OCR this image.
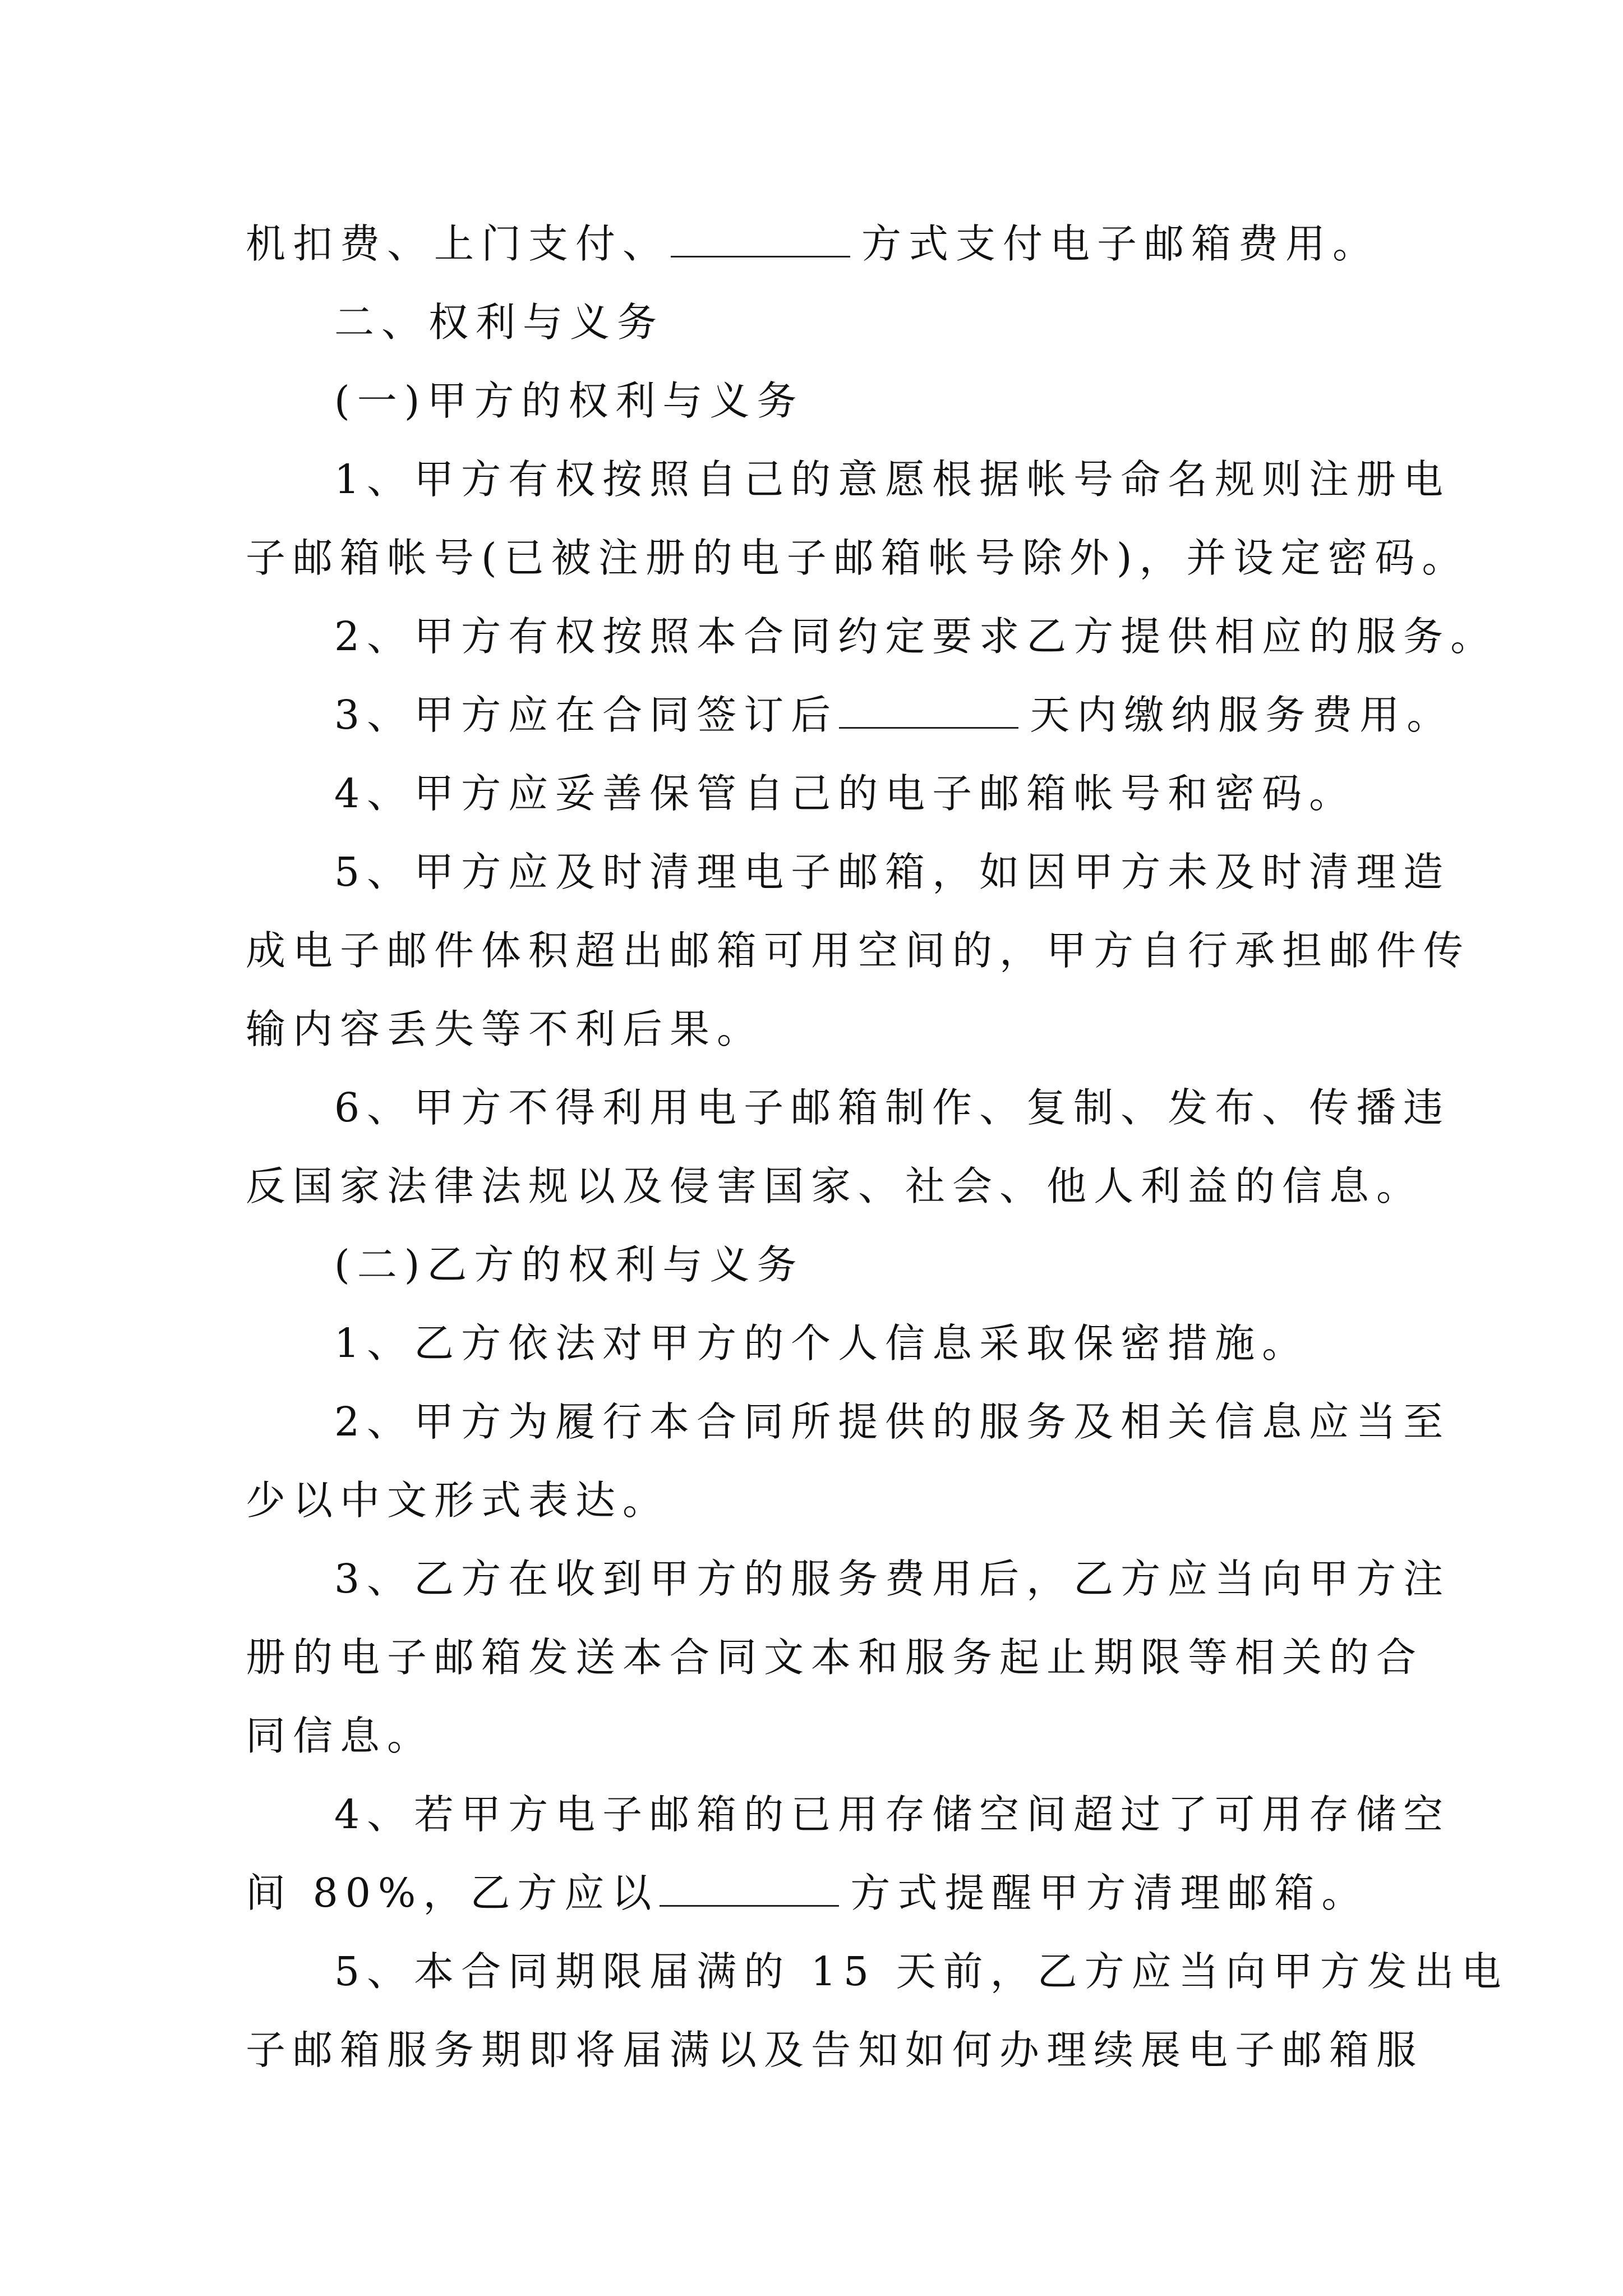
机扣费、上门支付、	方式支付电子邮箱费用。
二、权利与义务
(一)甲方的权利与义务
1、甲方有权按照自己的意愿根据帐号命名规则注册电
子邮箱帐号(已被注册的电子邮箱帐号除外)，并设定密码。
2、甲方有权按照本合同约定要求乙方提供相应的服务。
3、甲方应在合同签订后	天内缴纳服务费用。
4、甲方应妥善保管自己的电子邮箱帐号和密码。
5、甲方应及时清理电子邮箱，如因甲方未及时清理造
成电子邮件体积超出邮箱可用空间的，甲方自行承担邮件传
输内容丢失等不利后果。
6、甲方不得利用电子邮箱制作、复制、发布、传播违
反国家法律法规以及侵害国家、社会、他人利益的信息。
(二)乙方的权利与义务
1、乙方依法对甲方的个人信息采取保密措施。
2、甲方为履行本合同所提供的服务及相关信息应当至
少以中文形式表达。
3、乙方在收到甲方的服务费用后，乙方应当向甲方注
册的电子邮箱发送本合同文本和服务起止期限等相关的合
同信息。
4、若甲方电子邮箱的已用存储空间超过了可用存储空
间 80%，乙方应以	方式提醒甲方清理邮箱。
5、本合同期限届满的 15 天前，乙方应当向甲方发出电
子邮箱服务期即将届满以及告知如何办理续展电子邮箱服
